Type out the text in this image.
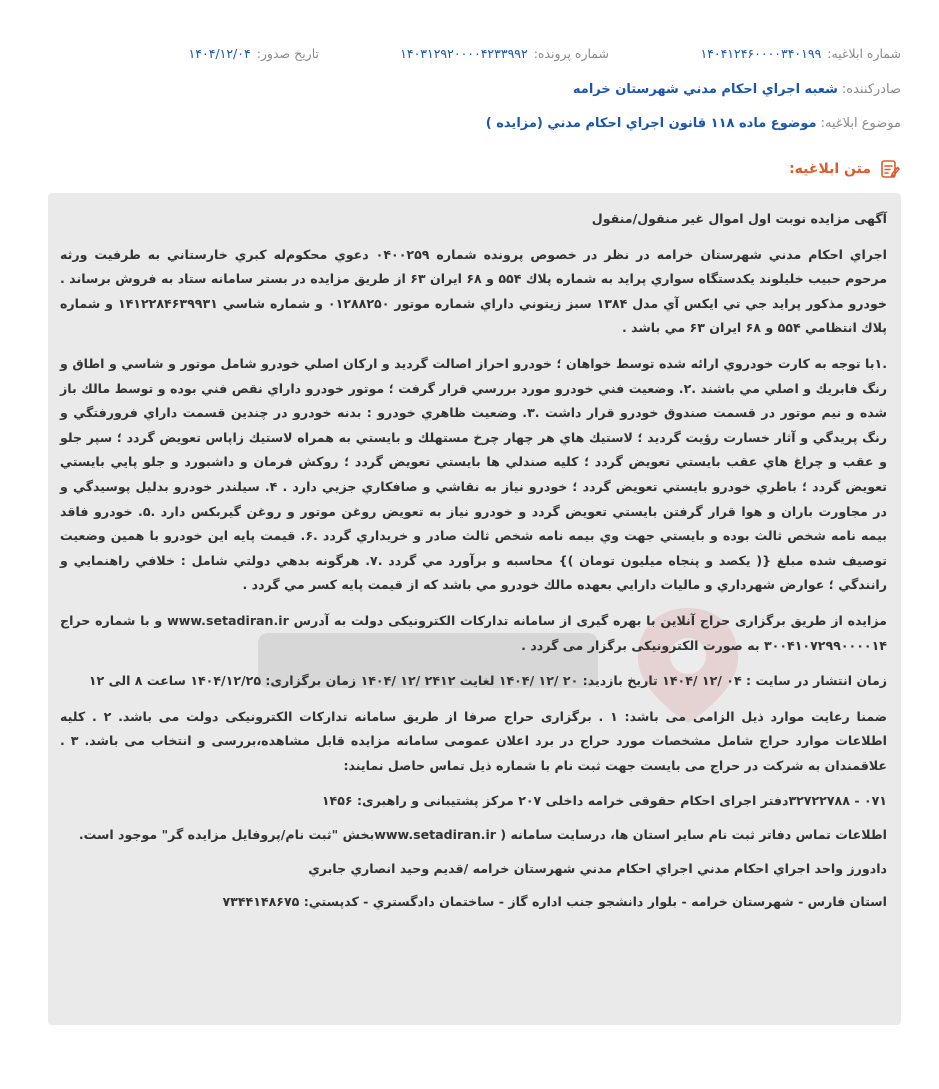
شماره ابلاغیه:۱۴۰۴۱۲۴۶۰۰۰۰۳۴۰۱۹۹
شماره پرونده:۱۴۰۳۱۲۹۲۰۰۰۰۴۲۳۳۹۹۲
تاریخ صدور:۱۴۰۴/۱۲/۰۴
صادرکننده:شعبه اجراي احكام مدني شهرستان خرامه
موضوع ابلاغیه:موضوع ماده ۱۱۸ قانون اجراي احكام مدني (مزايده )
متن ابلاغیه:

آگهی مزایده نوبت اول اموال غیر منقول/منقول

اجراي احكام مدني شهرستان خرامه در نظر در خصوص پرونده شماره ۰۴۰۰۲۵۹ دعوي محكوم‌له كبري خارستاني به طرفيت ورثه مرحوم حبيب خليلوند يكدستگاه سواري پرايد به شماره پلاك ۵۵۴ و ۶۸ ايران ۶۳ از طريق مزايده در بستر سامانه ستاد به فروش برساند . خودرو مذكور پرايد جي تي ايكس آي مدل ۱۳۸۴ سبز زيتوني داراي شماره موتور ۰۱۲۸۸۲۵۰ و شماره شاسي ۱۴۱۲۲۸۴۶۳۹۹۳۱ و شماره پلاك انتظامي ۵۵۴ و ۶۸ ايران ۶۳ مي باشد .

.۱با توجه به كارت خودروي ارائه شده توسط خواهان ؛ خودرو احراز اصالت گرديد و اركان اصلي خودرو شامل موتور و شاسي و اطاق و رنگ فابريك و اصلي مي باشند .۲. وضعيت فني خودرو مورد بررسي قرار گرفت ؛ موتور خودرو داراي نقص فني بوده و توسط مالك باز شده و نيم موتور در قسمت صندوق خودرو قرار داشت .۳. وضعيت ظاهري خودرو : بدنه خودرو در چندين قسمت داراي فرورفتگي و رنگ پريدگي و آثار خسارت رؤيت گرديد ؛ لاستيك هاي هر چهار چرخ مستهلك و بايستي به همراه لاستيك زاپاس تعويض گردد ؛ سپر جلو و عقب و چراغ هاي عقب بايستي تعويض گردد ؛ كليه صندلي ها بايستي تعويض گردد ؛ روكش فرمان و داشبورد و جلو پايي بايستي تعويض گردد ؛ باطري خودرو بايستي تعويض گردد ؛ خودرو نياز به نقاشي و صافكاري جزيي دارد . ۴. سيلندر خودرو بدليل پوسيدگي و در مجاورت باران و هوا قرار گرفتن بايستي تعويض گردد و خودرو نياز به تعويض روغن موتور و روغن گيربكس دارد .۵. خودرو فاقد بيمه نامه شخص ثالث بوده و بايستي جهت وي بيمه نامه شخص ثالث صادر و خريداري گردد .۶. قيمت پايه اين خودرو با همين وضعيت توصيف شده مبلغ {( يكصد و پنجاه ميليون تومان )} محاسبه و برآورد مي گردد .۷. هرگونه بدهي دولتي شامل : خلافي راهنمايي و رانندگي ؛ عوارض شهرداري و ماليات دارايي بعهده مالك خودرو مي باشد كه از قيمت پايه كسر مي گردد .

مزایده از طریق برگزاری حراج آنلاین با بهره گیری از سامانه تدارکات الکترونیکی دولت به آدرس www.setadiran.ir و با شماره حراج ۳۰۰۴۱۰۷۲۹۹۰۰۰۰۱۴ به صورت الکترونیکی برگزار می گردد .

زمان انتشار در سایت : ۰۴ /۱۲ /۱۴۰۴ تاریخ بازدید: ۲۰ /۱۲ /۱۴۰۴ لغایت ۲۴۱۲ /۱۲ /۱۴۰۴ زمان برگزاری: ۱۴۰۴/۱۲/۲۵ ساعت ۸ الی ۱۲

ضمنا رعایت موارد ذیل الزامی می باشد: ۱ . برگزاری حراج صرفا از طریق سامانه تدارکات الکترونیکی دولت می باشد. ۲ . کلیه اطلاعات موارد حراج شامل مشخصات مورد حراج در برد اعلان عمومی سامانه مزایده قابل مشاهده،بررسی و انتخاب می باشد. ۳ . علاقمندان به شرکت در حراج می بایست جهت ثبت نام با شماره ذیل تماس حاصل نمایند:

۰۷۱ - ۳۲۷۲۲۷۸۸دفتر اجرای احکام حقوقی خرامه داخلی ۲۰۷ مرکز پشتیبانی و راهبری: ۱۴۵۶

اطلاعات تماس دفاتر ثبت نام سایر استان ها، درسایت سامانه ( www.setadiran.irبخش "ثبت نام/پروفایل مزایده گر" موجود است.

دادورز واحد اجراي احكام مدني اجراي احكام مدني شهرستان خرامه /قديم وحيد انصاري جابري

استان فارس - شهرستان خرامه - بلوار دانشجو جنب اداره گاز - ساختمان دادگستري - كدپستي: ۷۳۴۴۱۴۸۶۷۵
